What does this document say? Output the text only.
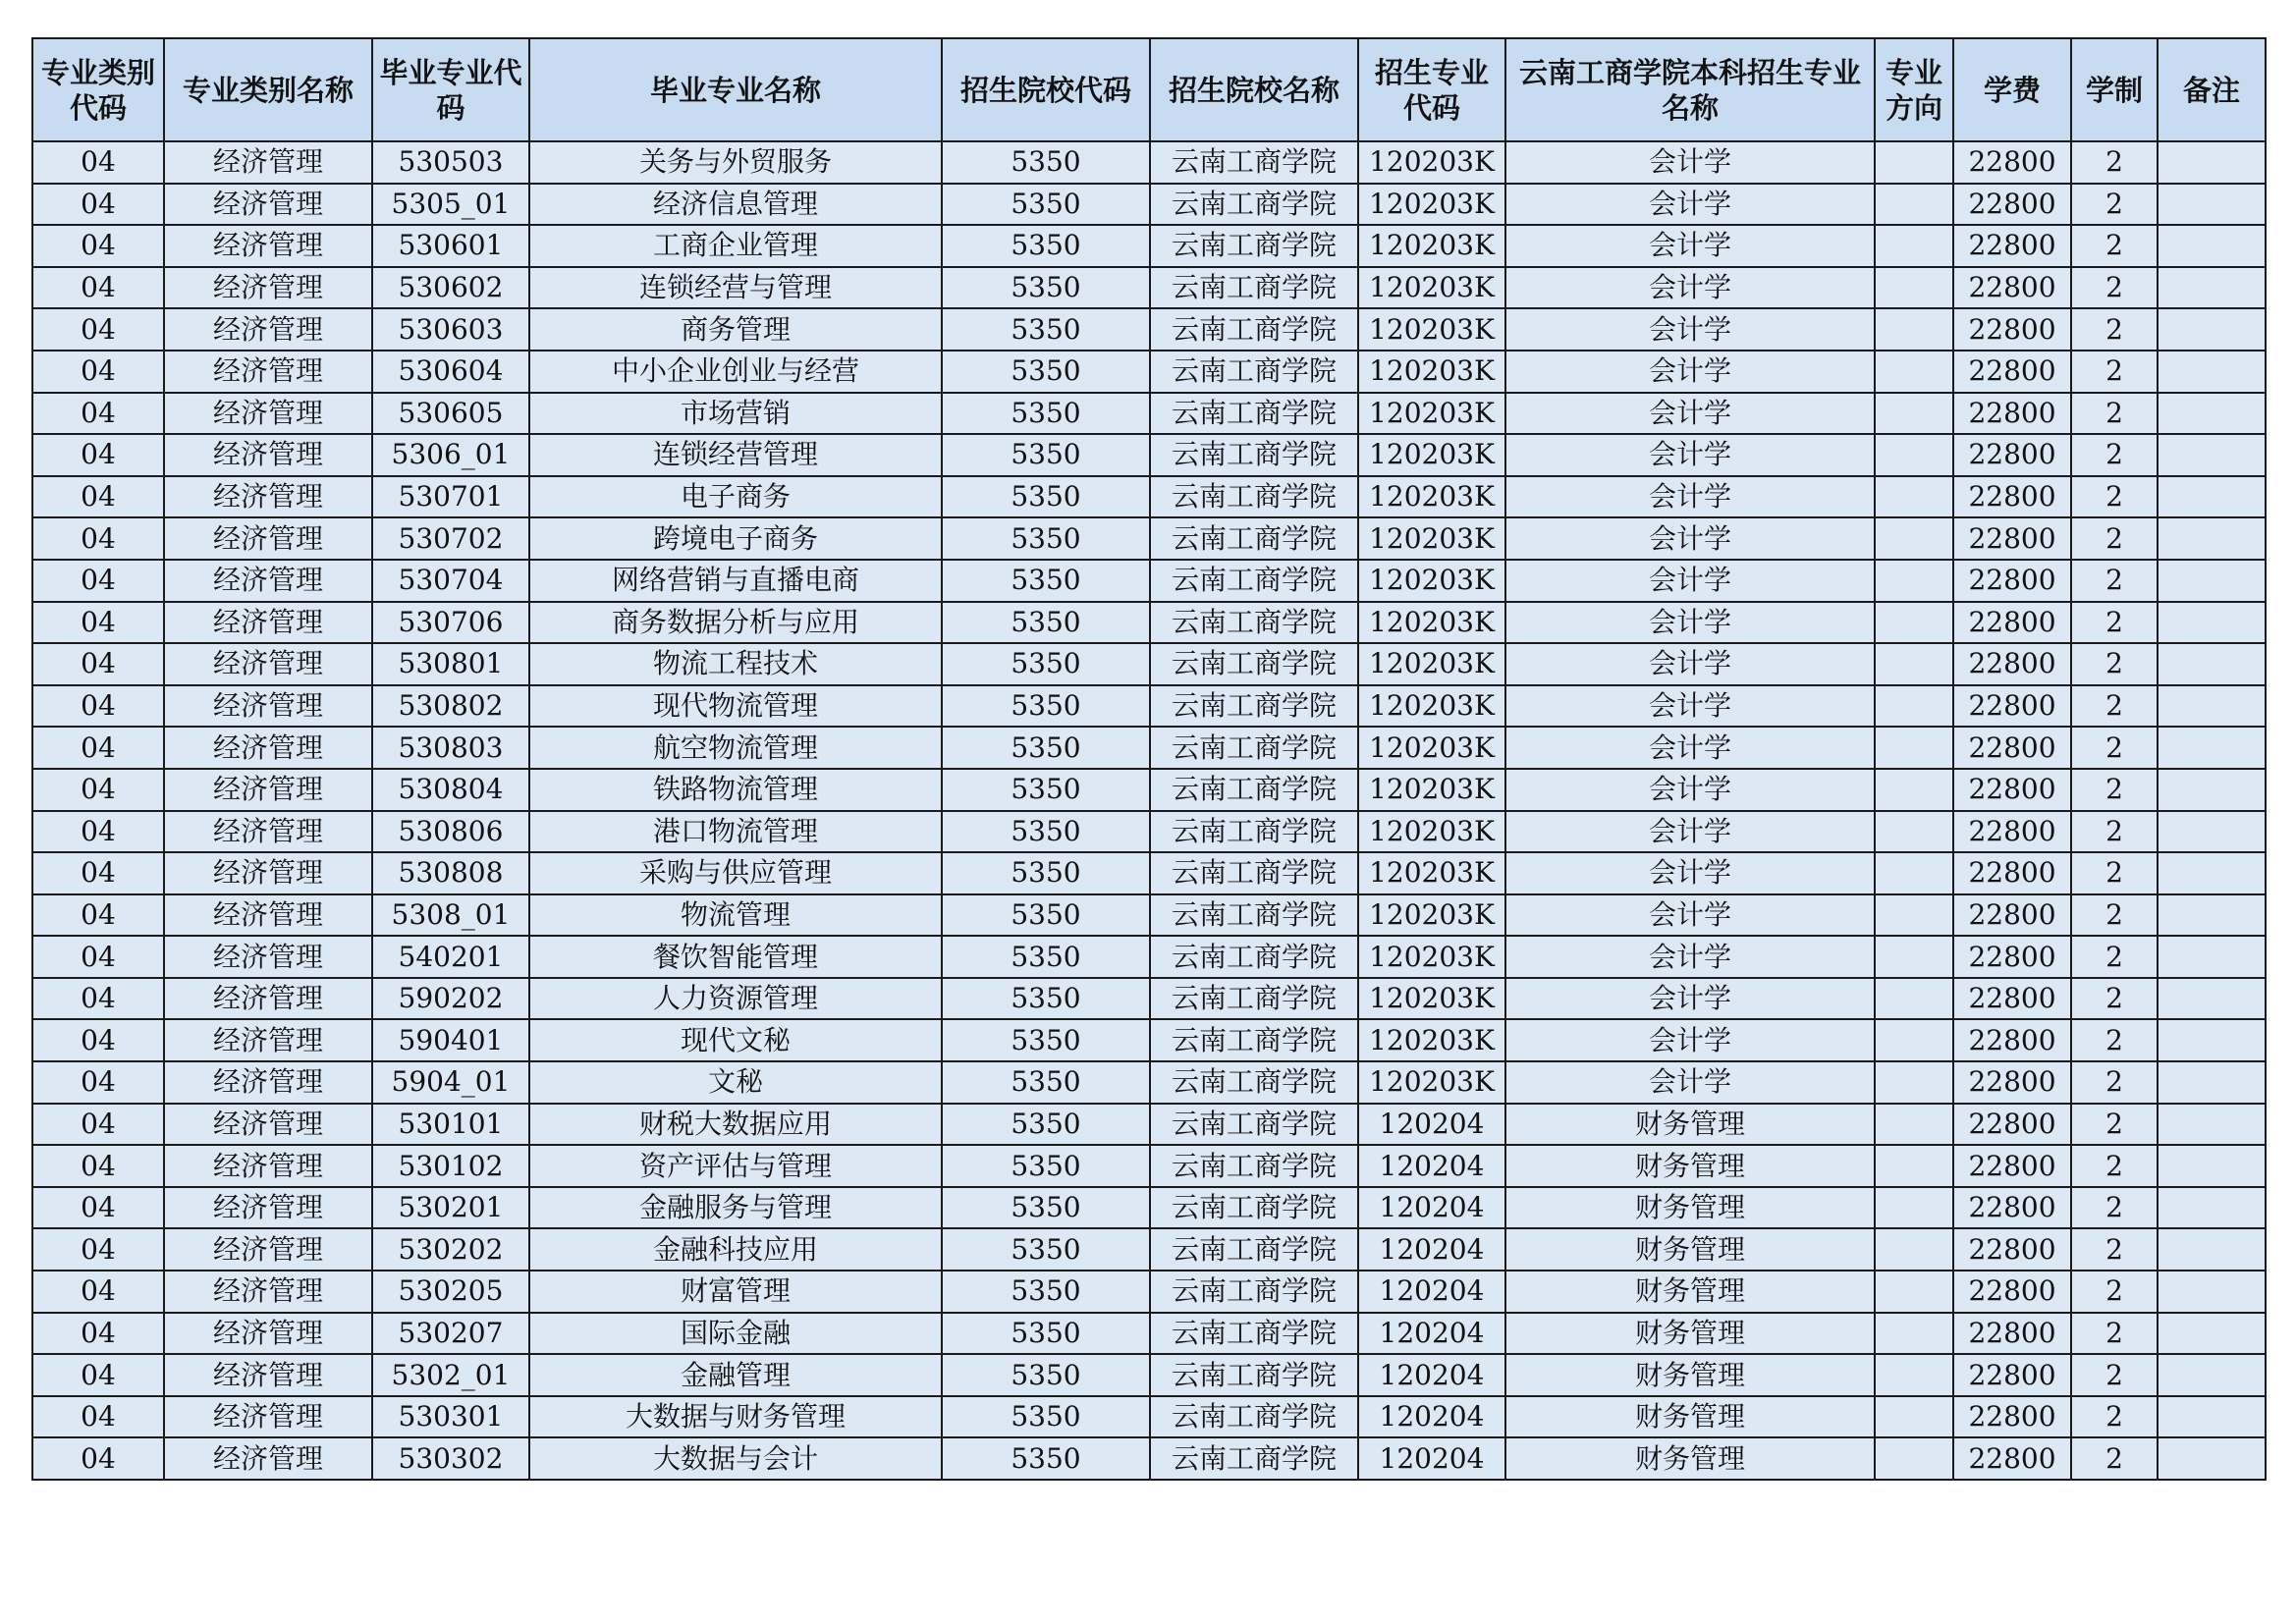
专业类别代码	专业类别名称	毕业专业代码	毕业专业名称	招生院校代码	招生院校名称	招生专业代码	云南工商学院本科招生专业名称	专业方向	学费	学制	备注
04	经济管理	530503	关务与外贸服务	5350	云南工商学院	120203K	会计学		22800	2	
04	经济管理	5305_01	经济信息管理	5350	云南工商学院	120203K	会计学		22800	2	
04	经济管理	530601	工商企业管理	5350	云南工商学院	120203K	会计学		22800	2	
04	经济管理	530602	连锁经营与管理	5350	云南工商学院	120203K	会计学		22800	2	
04	经济管理	530603	商务管理	5350	云南工商学院	120203K	会计学		22800	2	
04	经济管理	530604	中小企业创业与经营	5350	云南工商学院	120203K	会计学		22800	2	
04	经济管理	530605	市场营销	5350	云南工商学院	120203K	会计学		22800	2	
04	经济管理	5306_01	连锁经营管理	5350	云南工商学院	120203K	会计学		22800	2	
04	经济管理	530701	电子商务	5350	云南工商学院	120203K	会计学		22800	2	
04	经济管理	530702	跨境电子商务	5350	云南工商学院	120203K	会计学		22800	2	
04	经济管理	530704	网络营销与直播电商	5350	云南工商学院	120203K	会计学		22800	2	
04	经济管理	530706	商务数据分析与应用	5350	云南工商学院	120203K	会计学		22800	2	
04	经济管理	530801	物流工程技术	5350	云南工商学院	120203K	会计学		22800	2	
04	经济管理	530802	现代物流管理	5350	云南工商学院	120203K	会计学		22800	2	
04	经济管理	530803	航空物流管理	5350	云南工商学院	120203K	会计学		22800	2	
04	经济管理	530804	铁路物流管理	5350	云南工商学院	120203K	会计学		22800	2	
04	经济管理	530806	港口物流管理	5350	云南工商学院	120203K	会计学		22800	2	
04	经济管理	530808	采购与供应管理	5350	云南工商学院	120203K	会计学		22800	2	
04	经济管理	5308_01	物流管理	5350	云南工商学院	120203K	会计学		22800	2	
04	经济管理	540201	餐饮智能管理	5350	云南工商学院	120203K	会计学		22800	2	
04	经济管理	590202	人力资源管理	5350	云南工商学院	120203K	会计学		22800	2	
04	经济管理	590401	现代文秘	5350	云南工商学院	120203K	会计学		22800	2	
04	经济管理	5904_01	文秘	5350	云南工商学院	120203K	会计学		22800	2	
04	经济管理	530101	财税大数据应用	5350	云南工商学院	120204	财务管理		22800	2	
04	经济管理	530102	资产评估与管理	5350	云南工商学院	120204	财务管理		22800	2	
04	经济管理	530201	金融服务与管理	5350	云南工商学院	120204	财务管理		22800	2	
04	经济管理	530202	金融科技应用	5350	云南工商学院	120204	财务管理		22800	2	
04	经济管理	530205	财富管理	5350	云南工商学院	120204	财务管理		22800	2	
04	经济管理	530207	国际金融	5350	云南工商学院	120204	财务管理		22800	2	
04	经济管理	5302_01	金融管理	5350	云南工商学院	120204	财务管理		22800	2	
04	经济管理	530301	大数据与财务管理	5350	云南工商学院	120204	财务管理		22800	2	
04	经济管理	530302	大数据与会计	5350	云南工商学院	120204	财务管理		22800	2	
